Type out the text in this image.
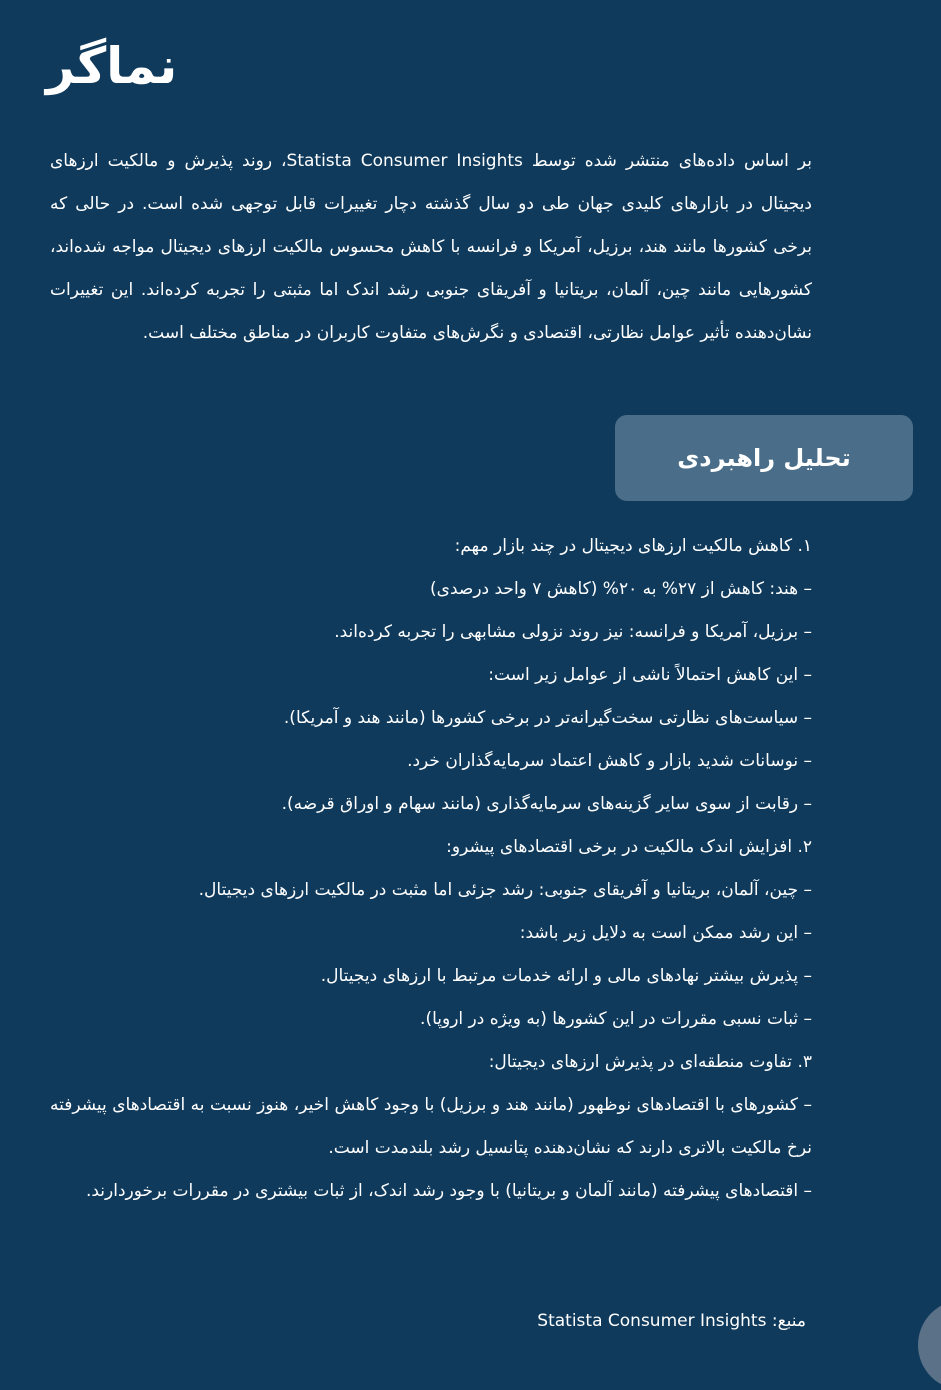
نماگر

بر اساس داده‌های منتشر شده توسط Statista Consumer Insights، روند پذیرش و مالکیت ارزهای دیجیتال در بازارهای کلیدی جهان طی دو سال گذشته دچار تغییرات قابل توجهی شده است. در حالی که برخی کشورها مانند هند، برزیل، آمریکا و فرانسه با کاهش محسوس مالکیت ارزهای دیجیتال مواجه شده‌اند، کشورهایی مانند چین، آلمان، بریتانیا و آفریقای جنوبی رشد اندک اما مثبتی را تجربه کرده‌اند. این تغییرات نشان‌دهنده تأثیر عوامل نظارتی، اقتصادی و نگرش‌های متفاوت کاربران در مناطق مختلف است.

تحلیل راهبردی
۱. کاهش مالکیت ارزهای دیجیتال در چند بازار مهم:
– هند: کاهش از ۲۷% به ۲۰% (کاهش ۷ واحد درصدی)
– برزیل، آمریکا و فرانسه: نیز روند نزولی مشابهی را تجربه کرده‌اند.
– این کاهش احتمالاً ناشی از عوامل زیر است:
– سیاست‌های نظارتی سخت‌گیرانه‌تر در برخی کشورها (مانند هند و آمریکا).
– نوسانات شدید بازار و کاهش اعتماد سرمایه‌گذاران خرد.
– رقابت از سوی سایر گزینه‌های سرمایه‌گذاری (مانند سهام و اوراق قرضه).
۲. افزایش اندک مالکیت در برخی اقتصادهای پیشرو:
– چین، آلمان، بریتانیا و آفریقای جنوبی: رشد جزئی اما مثبت در مالکیت ارزهای دیجیتال.
– این رشد ممکن است به دلایل زیر باشد:
– پذیرش بیشتر نهادهای مالی و ارائه خدمات مرتبط با ارزهای دیجیتال.
– ثبات نسبی مقررات در این کشورها (به ویژه در اروپا).
۳. تفاوت منطقه‌ای در پذیرش ارزهای دیجیتال:
– کشورهای با اقتصادهای نوظهور (مانند هند و برزیل) با وجود کاهش اخیر، هنوز نسبت به اقتصادهای پیشرفته نرخ مالکیت بالاتری دارند که نشان‌دهنده پتانسیل رشد بلندمدت است.
– اقتصادهای پیشرفته (مانند آلمان و بریتانیا) با وجود رشد اندک، از ثبات بیشتری در مقررات برخوردارند.
منبع: Statista Consumer Insights
